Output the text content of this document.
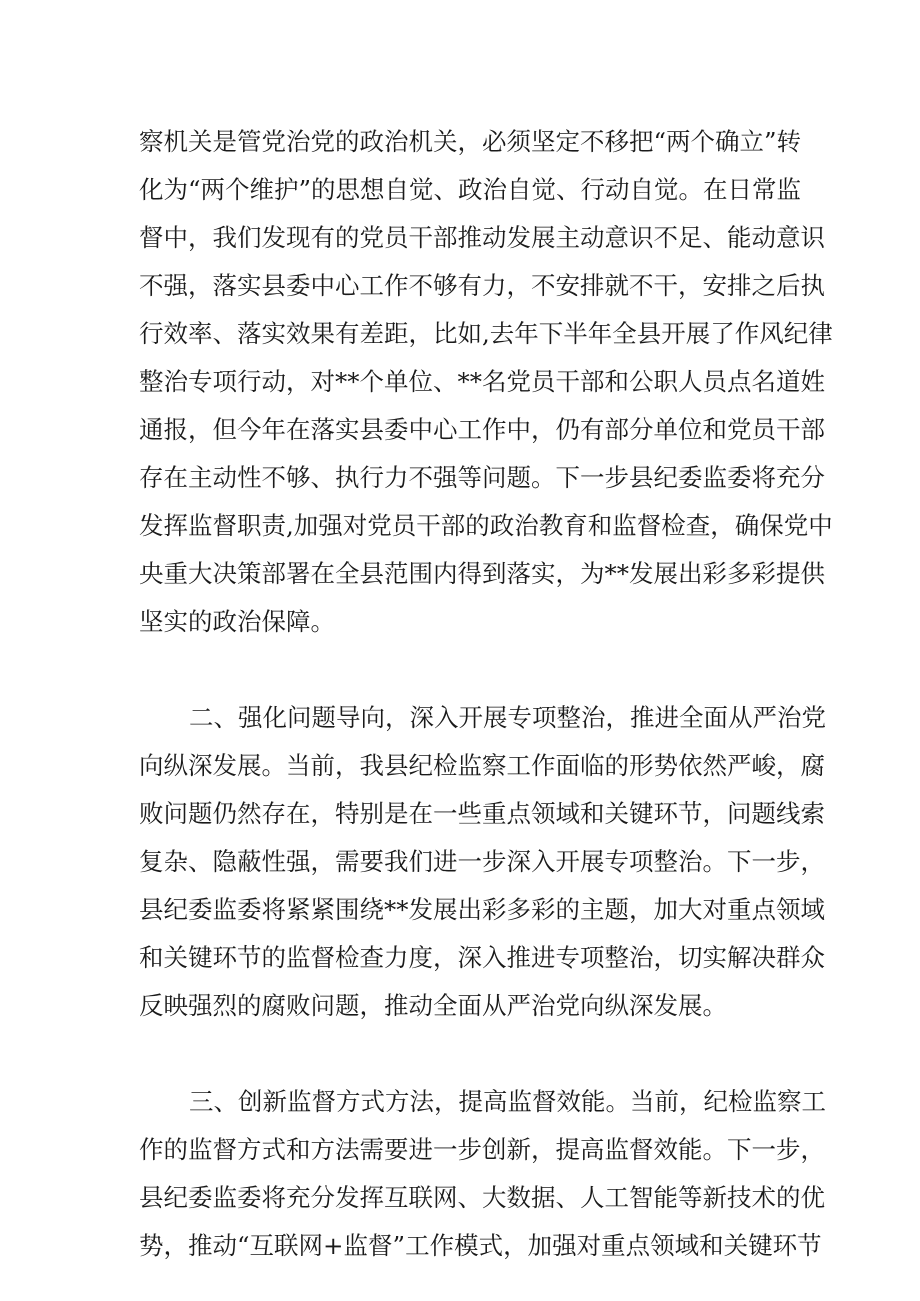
察机关是管党治党的政治机关，必须坚定不移把“两个确立”转
化为“两个维护”的思想自觉、政治自觉、行动自觉。在日常监
督中，我们发现有的党员干部推动发展主动意识不足、能动意识
不强，落实县委中心工作不够有力，不安排就不干，安排之后执
行效率、落实效果有差距，比如,去年下半年全县开展了作风纪律
整治专项行动，对**个单位、**名党员干部和公职人员点名道姓
通报，但今年在落实县委中心工作中，仍有部分单位和党员干部
存在主动性不够、执行力不强等问题。下一步县纪委监委将充分
发挥监督职责,加强对党员干部的政治教育和监督检查，确保党中
央重大决策部署在全县范围内得到落实，为**发展出彩多彩提供
坚实的政治保障。
二、强化问题导向，深入开展专项整治，推进全面从严治党
向纵深发展。当前，我县纪检监察工作面临的形势依然严峻，腐
败问题仍然存在，特别是在一些重点领域和关键环节，问题线索
复杂、隐蔽性强，需要我们进一步深入开展专项整治。下一步，
县纪委监委将紧紧围绕**发展出彩多彩的主题，加大对重点领域
和关键环节的监督检查力度，深入推进专项整治，切实解决群众
反映强烈的腐败问题，推动全面从严治党向纵深发展。
三、创新监督方式方法，提高监督效能。当前，纪检监察工
作的监督方式和方法需要进一步创新，提高监督效能。下一步，
县纪委监委将充分发挥互联网、大数据、人工智能等新技术的优
势，推动“互联网+监督”工作模式，加强对重点领域和关键环节
